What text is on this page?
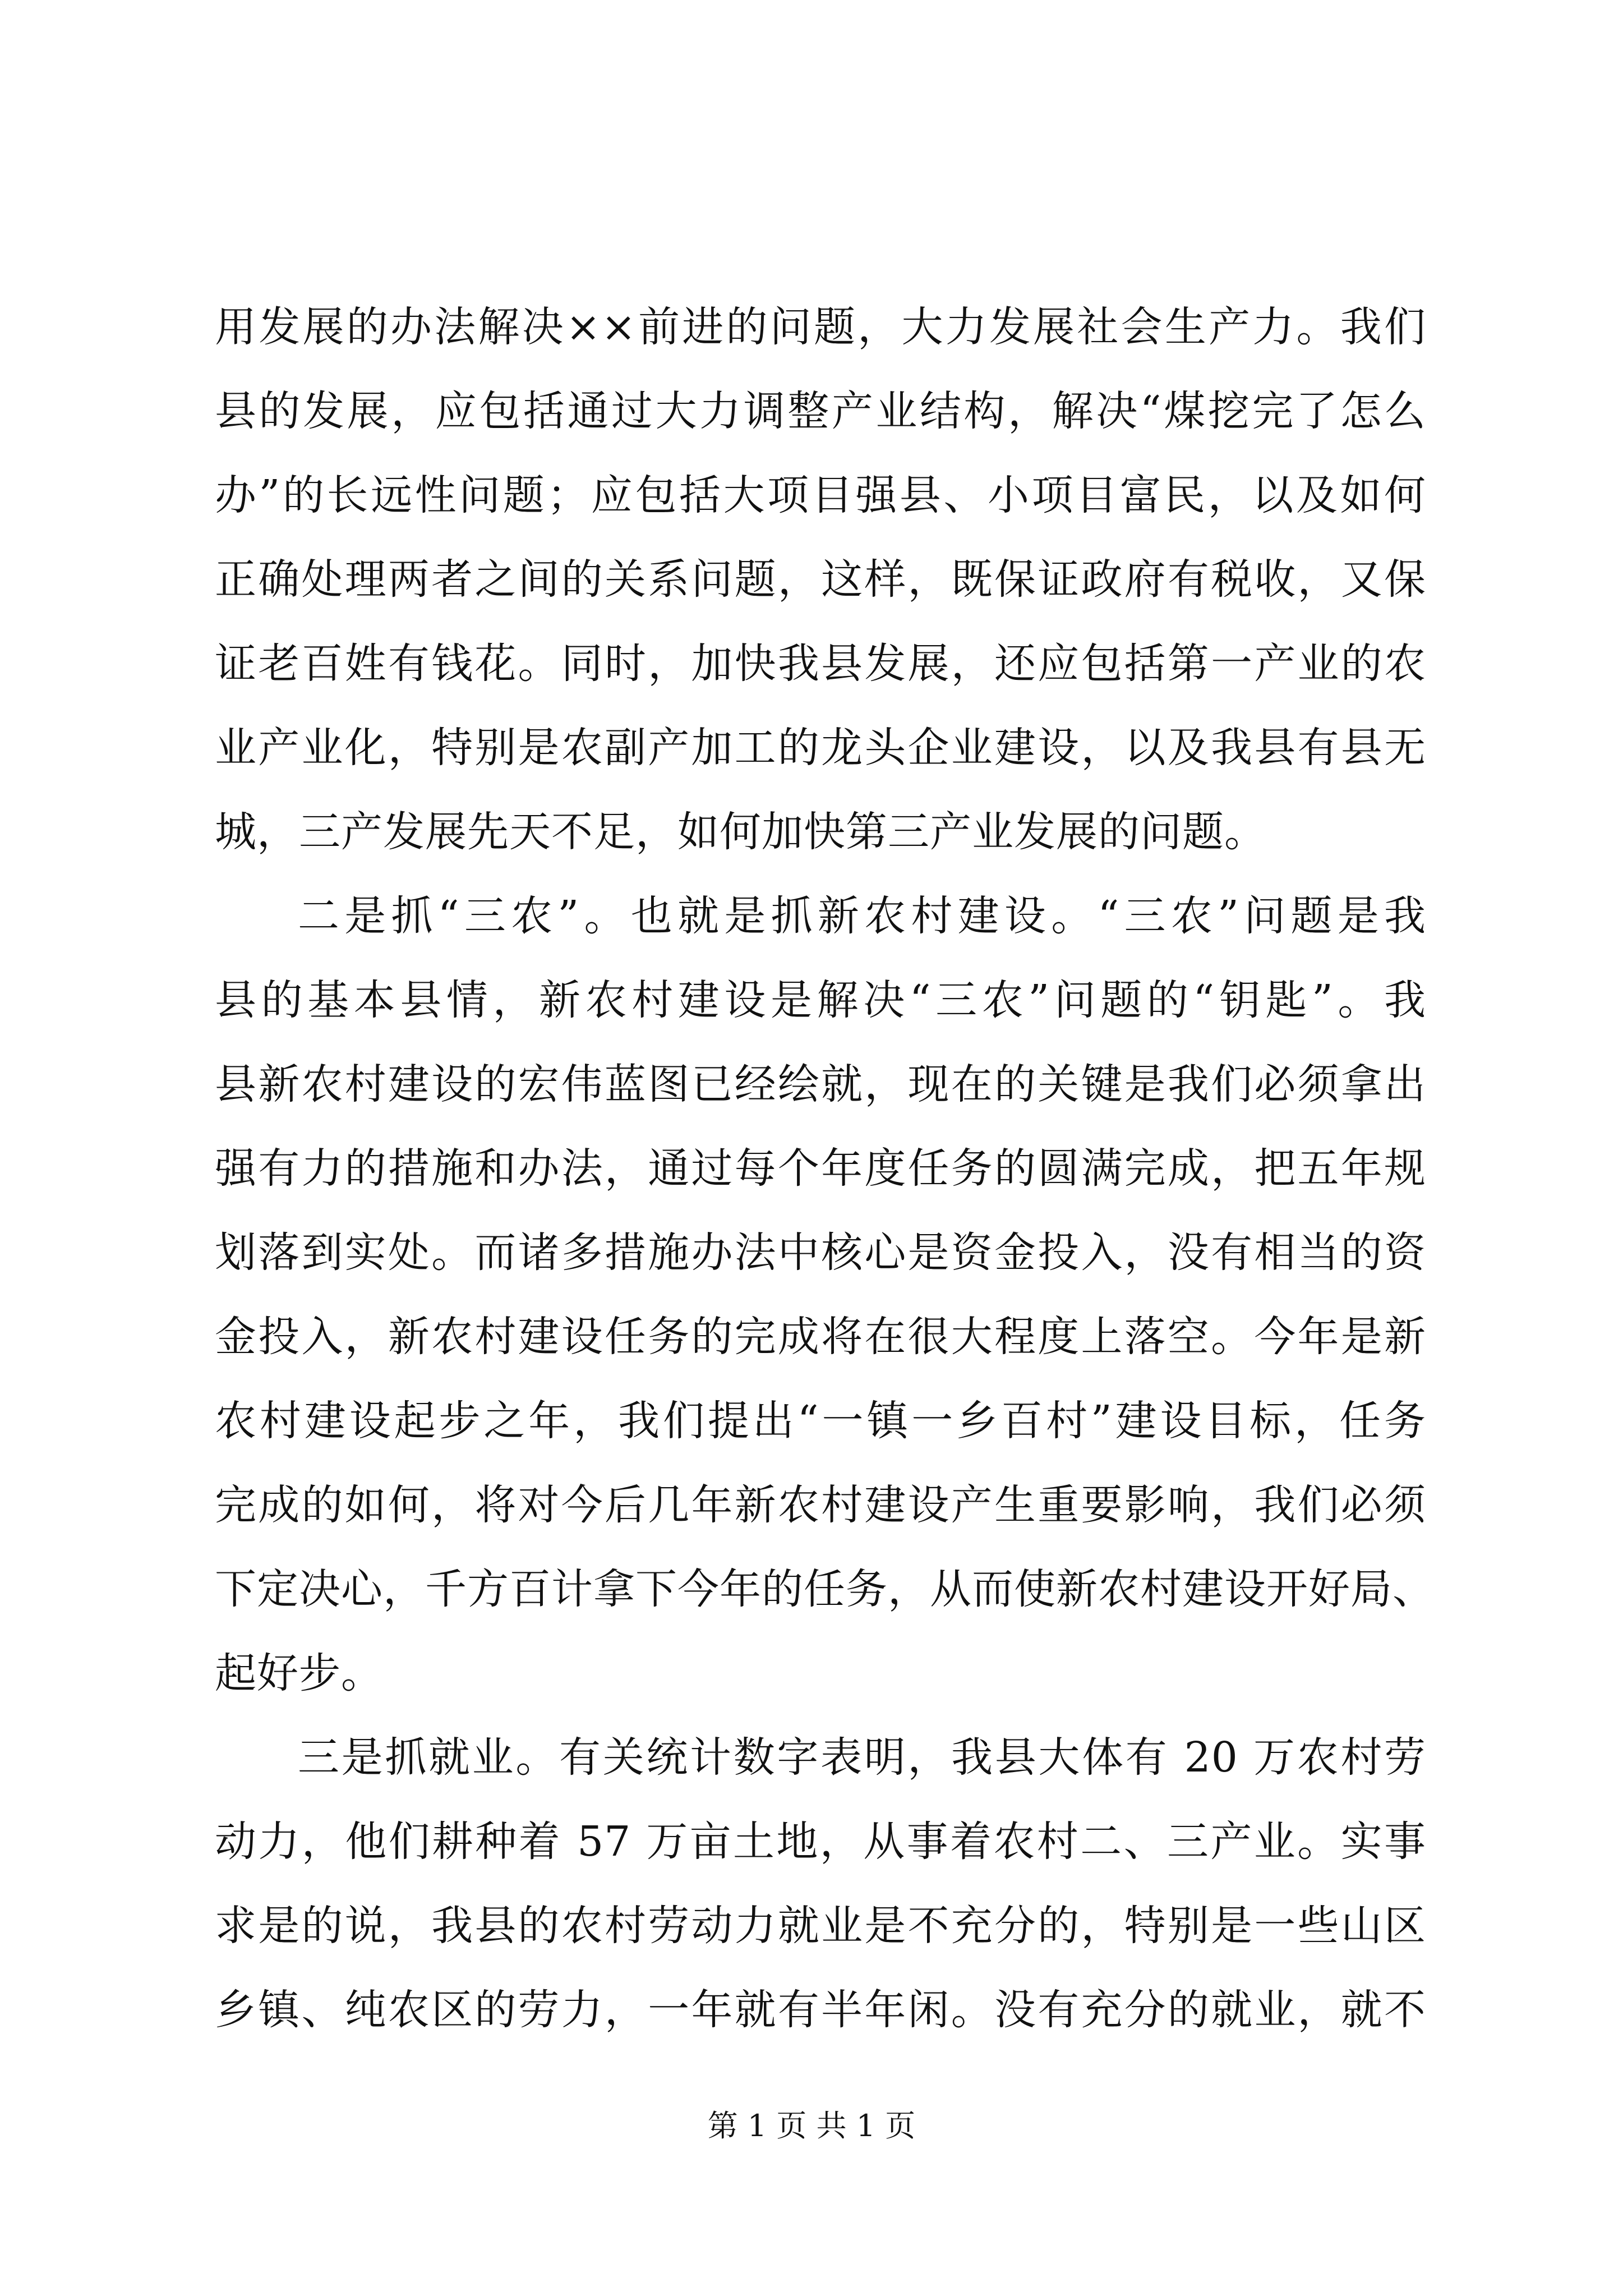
用发展的办法解决××前进的问题，大力发展社会生产力。我们
县的发展，应包括通过大力调整产业结构，解决“煤挖完了怎么
办”的长远性问题；应包括大项目强县、小项目富民，以及如何
正确处理两者之间的关系问题，这样，既保证政府有税收，又保
证老百姓有钱花。同时，加快我县发展，还应包括第一产业的农
业产业化，特别是农副产加工的龙头企业建设，以及我县有县无
城，三产发展先天不足，如何加快第三产业发展的问题。
二是抓“三农”。也就是抓新农村建设。“三农”问题是我
县的基本县情，新农村建设是解决“三农”问题的“钥匙”。我
县新农村建设的宏伟蓝图已经绘就，现在的关键是我们必须拿出
强有力的措施和办法，通过每个年度任务的圆满完成，把五年规
划落到实处。而诸多措施办法中核心是资金投入，没有相当的资
金投入，新农村建设任务的完成将在很大程度上落空。今年是新
农村建设起步之年，我们提出“一镇一乡百村”建设目标，任务
完成的如何，将对今后几年新农村建设产生重要影响，我们必须
下定决心，千方百计拿下今年的任务，从而使新农村建设开好局、
起好步。
三是抓就业。有关统计数字表明，我县大体有 20 万农村劳
动力，他们耕种着 57 万亩土地，从事着农村二、三产业。实事
求是的说，我县的农村劳动力就业是不充分的，特别是一些山区
乡镇、纯农区的劳力，一年就有半年闲。没有充分的就业，就不
第 1 页 共 1 页
